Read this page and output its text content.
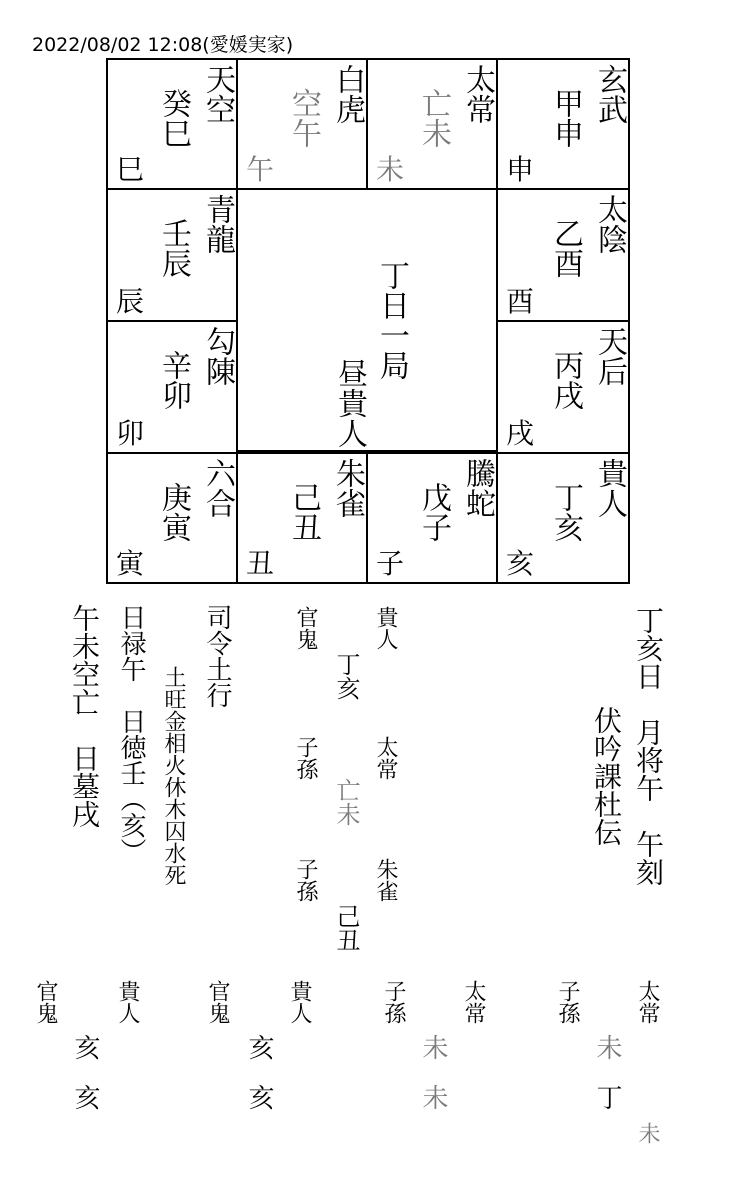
2022/08/02 12:08(愛媛実家)
天空
癸巳
巳
白虎
空午
午
太常
亡未
未
玄武
甲申
申
青龍
壬辰
辰
太陰
乙酉
酉
勾陳
辛卯
卯
天后
丙戌
戌
丁日一局
昼貴人
六合
庚寅
寅
朱雀
己丑
丑
騰蛇
戊子
子
貴人
丁亥
亥
丁亥日　月将午　午刻
伏吟課杜伝
貴人
官鬼
丁亥
太常
子孫
亡未
朱雀
子孫
己丑
司令土行
土旺金相火休木囚水死
日禄午　日徳壬（亥）
午未空亡　日墓戌
太常
子孫
未
丁
未
太常
子孫
未
未
貴人
官鬼
亥
亥
貴人
官鬼
亥
亥
